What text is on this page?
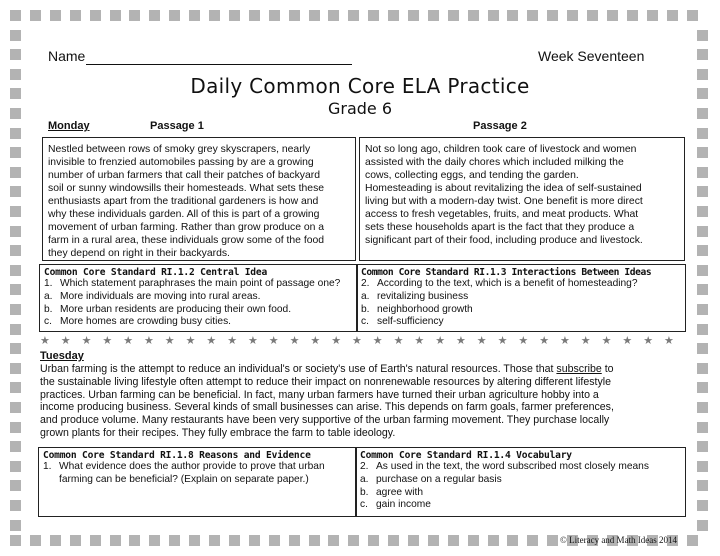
Name	Week Seventeen
Daily Common Core ELA Practice
Grade 6
Monday	Passage 1	Passage 2
Nestled between rows of smoky grey skyscrapers, nearly
invisible to frenzied automobiles passing by are a growing
number of urban farmers that call their patches of backyard
soil or sunny windowsills their homesteads. What sets these
enthusiasts apart from the traditional gardeners is how and
why these individuals garden. All of this is part of a growing
movement of urban farming. Rather than grow produce on a
farm in a rural area, these individuals grow some of the food
they depend on right in their backyards.
Not so long ago, children took care of livestock and women
assisted with the daily chores which included milking the
cows, collecting eggs, and tending the garden.
Homesteading is about revitalizing the idea of self-sustained
living but with a modern-day twist. One benefit is more direct
access to fresh vegetables, fruits, and meat products. What
sets these households apart is the fact that they produce a
significant part of their food, including produce and livestock.
Common Core Standard RI.1.2 Central Idea
1. Which statement paraphrases the main point of passage one?
a. More individuals are moving into rural areas.
b. More urban residents are producing their own food.
c. More homes are crowding busy cities.
Common Core Standard RI.1.3 Interactions Between Ideas
2. According to the text, which is a benefit of homesteading?
a. revitalizing business
b. neighborhood growth
c. self-sufficiency
★ ★ ★ ★ ★ ★ ★ ★ ★ ★ ★ ★ ★ ★ ★ ★ ★ ★ ★ ★ ★ ★ ★ ★ ★ ★ ★ ★ ★ ★ ★
Tuesday
Urban farming is the attempt to reduce an individual's or society's use of Earth's natural resources. Those that subscribe to
the sustainable living lifestyle often attempt to reduce their impact on nonrenewable resources by altering different lifestyle
practices. Urban farming can be beneficial. In fact, many urban farmers have turned their urban agriculture hobby into a
income producing business. Several kinds of small businesses can arise. This depends on farm goals, farmer preferences,
and produce volume. Many restaurants have been very supportive of the urban farming movement. They purchase locally
grown plants for their recipes. They fully embrace the farm to table ideology.
Common Core Standard RI.1.8 Reasons and Evidence
1. What evidence does the author provide to prove that urban
farming can be beneficial? (Explain on separate paper.)
Common Core Standard RI.1.4 Vocabulary
2. As used in the text, the word subscribed most closely means
a. purchase on a regular basis
b. agree with
c. gain income
© Literacy and Math Ideas 2014
